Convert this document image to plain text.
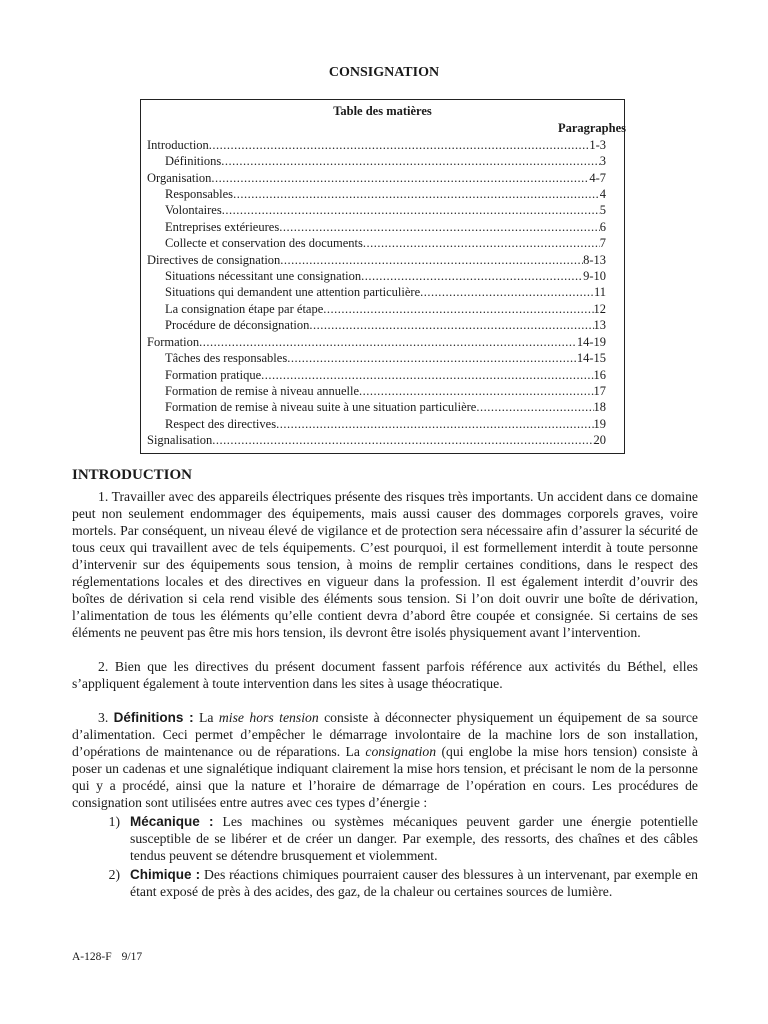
CONSIGNATION
Table des matières
Paragraphes
Introduction .....	1-3
Définitions .....	3
Organisation .....	4-7
Responsables .....	4
Volontaires .....	5
Entreprises extérieures .....	6
Collecte et conservation des documents .....	7
Directives de consignation .....	8-13
Situations nécessitant une consignation .....	9-10
Situations qui demandent une attention particulière .....	11
La consignation étape par étape .....	12
Procédure de déconsignation .....	13
Formation .....	14-19
Tâches des responsables .....	14-15
Formation pratique .....	16
Formation de remise à niveau annuelle .....	17
Formation de remise à niveau suite à une situation particulière .....	18
Respect des directives .....	19
Signalisation .....	20
INTRODUCTION

1. Travailler avec des appareils électriques présente des risques très importants. Un accident dans ce domaine peut non seulement endommager des équipements, mais aussi causer des dommages corporels graves, voire mortels. Par conséquent, un niveau élevé de vigilance et de protection sera nécessaire afin d’assurer la sécurité de tous ceux qui travaillent avec de tels équipements. C’est pourquoi, il est formellement interdit à toute personne d’intervenir sur des équipements sous tension, à moins de remplir certaines conditions, dans le respect des réglementations locales et des directives en vigueur dans la profession. Il est également interdit d’ouvrir des boîtes de dérivation si cela rend visible des éléments sous tension. Si l’on doit ouvrir une boîte de dérivation, l’alimentation de tous les éléments qu’elle contient devra d’abord être coupée et consignée. Si certains de ses éléments ne peuvent pas être mis hors tension, ils devront être isolés physiquement avant l’intervention.

2. Bien que les directives du présent document fassent parfois référence aux activités du Béthel, elles s’appliquent également à toute intervention dans les sites à usage théocratique.

3. Définitions : La mise hors tension consiste à déconnecter physiquement un équipement de sa source d’alimentation. Ceci permet d’empêcher le démarrage involontaire de la machine lors de son installation, d’opérations de maintenance ou de réparations. La consignation (qui englobe la mise hors tension) consiste à poser un cadenas et une signalétique indiquant clairement la mise hors tension, et précisant le nom de la personne qui y a procédé, ainsi que la nature et l’horaire de démarrage de l’opération en cours. Les procédures de consignation sont utilisées entre autres avec ces types d’énergie :

1) Mécanique : Les machines ou systèmes mécaniques peuvent garder une énergie potentielle susceptible de se libérer et de créer un danger. Par exemple, des ressorts, des chaînes et des câbles tendus peuvent se détendre brusquement et violemment.
2) Chimique : Des réactions chimiques pourraient causer des blessures à un intervenant, par exemple en étant exposé de près à des acides, des gaz, de la chaleur ou certaines sources de lumière.
A-128-F 9/17
